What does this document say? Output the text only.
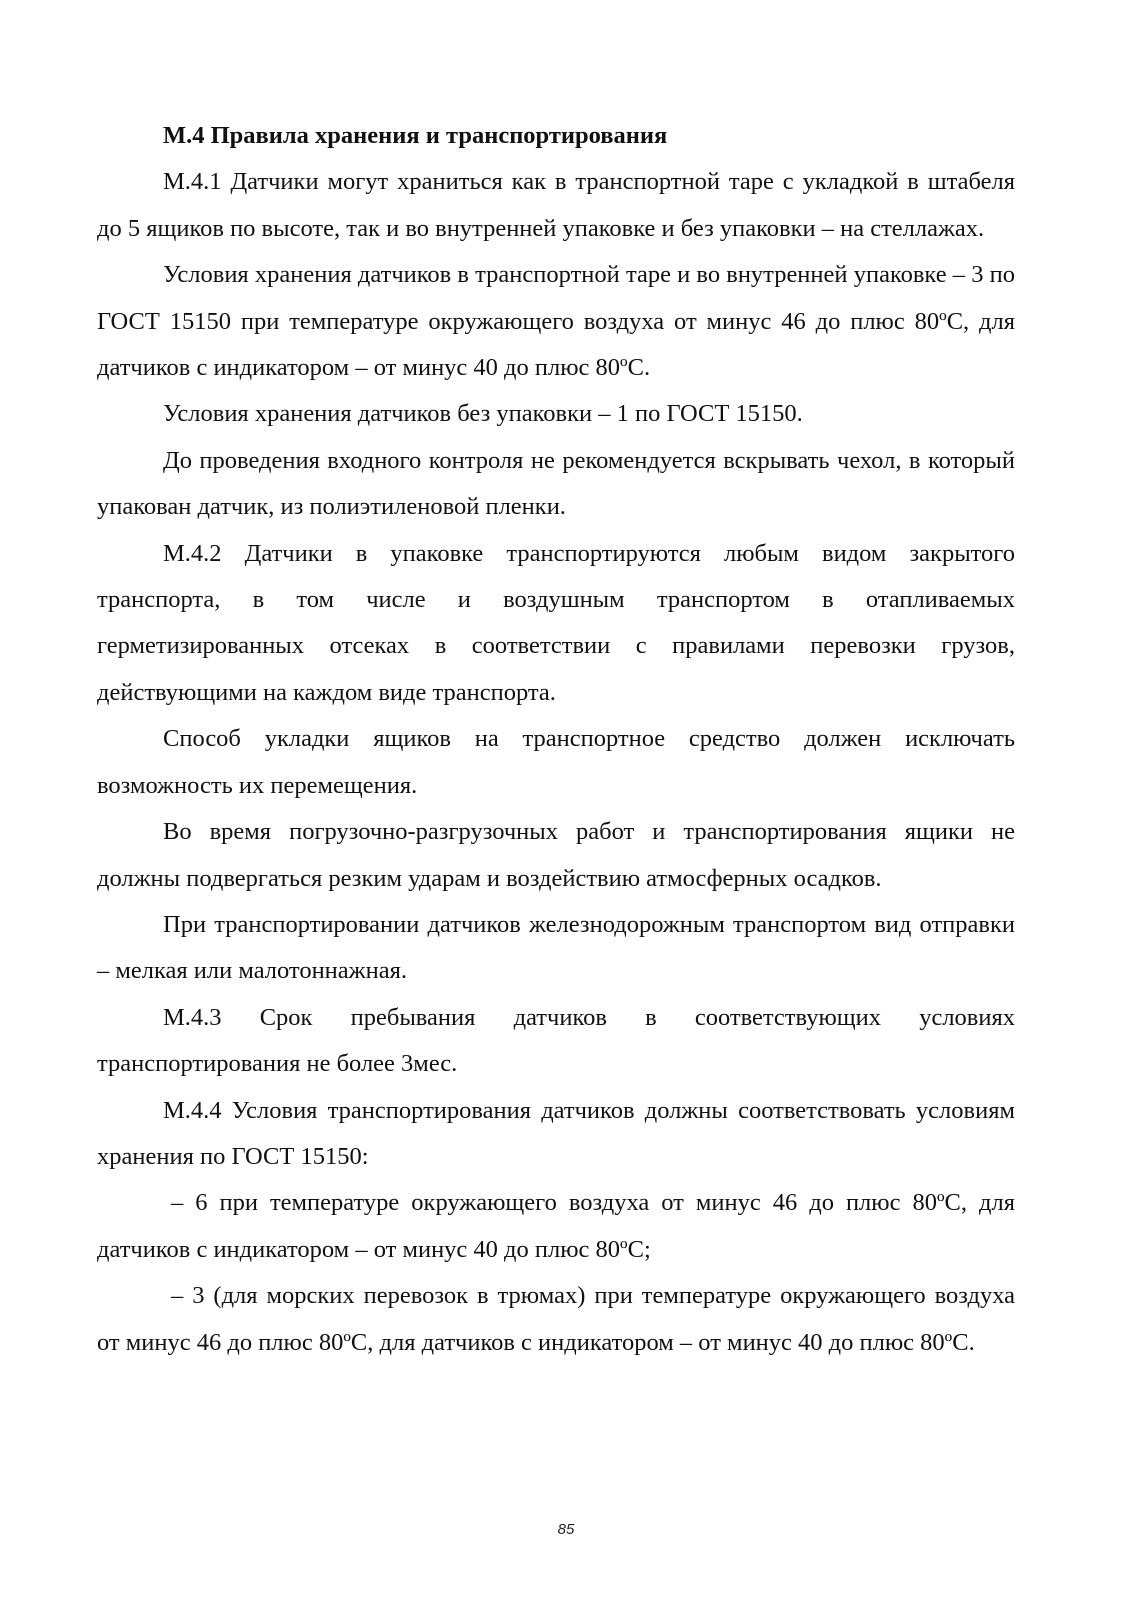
М.4 Правила хранения и транспортирования

М.4.1 Датчики могут храниться как в транспортной таре с укладкой в штабеля до 5 ящиков по высоте, так и во внутренней упаковке и без упаковки – на стеллажах.

Условия хранения датчиков в транспортной таре и во внутренней упаковке – 3 по ГОСТ 15150 при температуре окружающего воздуха от минус 46 до плюс 80ºС, для датчиков с индикатором – от минус 40 до плюс 80ºС.

Условия хранения датчиков без упаковки – 1 по ГОСТ 15150.

До проведения входного контроля не рекомендуется вскрывать чехол, в который упакован датчик, из полиэтиленовой пленки.

М.4.2 Датчики в упаковке транспортируются любым видом закрытого транспорта, в том числе и воздушным транспортом в отапливаемых герметизированных отсеках в соответствии с правилами перевозки грузов, действующими на каждом виде транспорта.

Способ укладки ящиков на транспортное средство должен исключать возможность их перемещения.

Во время погрузочно-разгрузочных работ и транспортирования ящики не должны подвергаться резким ударам и воздействию атмосферных осадков.

При транспортировании датчиков железнодорожным транспортом вид отправки – мелкая или малотоннажная.

М.4.3 Срок пребывания датчиков в соответствующих условиях транспортирования не более 3мес.

М.4.4 Условия транспортирования датчиков должны соответствовать условиям хранения по ГОСТ 15150:

– 6 при температуре окружающего воздуха от минус 46 до плюс 80ºС, для датчиков с индикатором – от минус 40 до плюс 80ºС;

– 3 (для морских перевозок в трюмах) при температуре окружающего воздуха от минус 46 до плюс 80ºС, для датчиков с индикатором – от минус 40 до плюс 80ºС.

85
